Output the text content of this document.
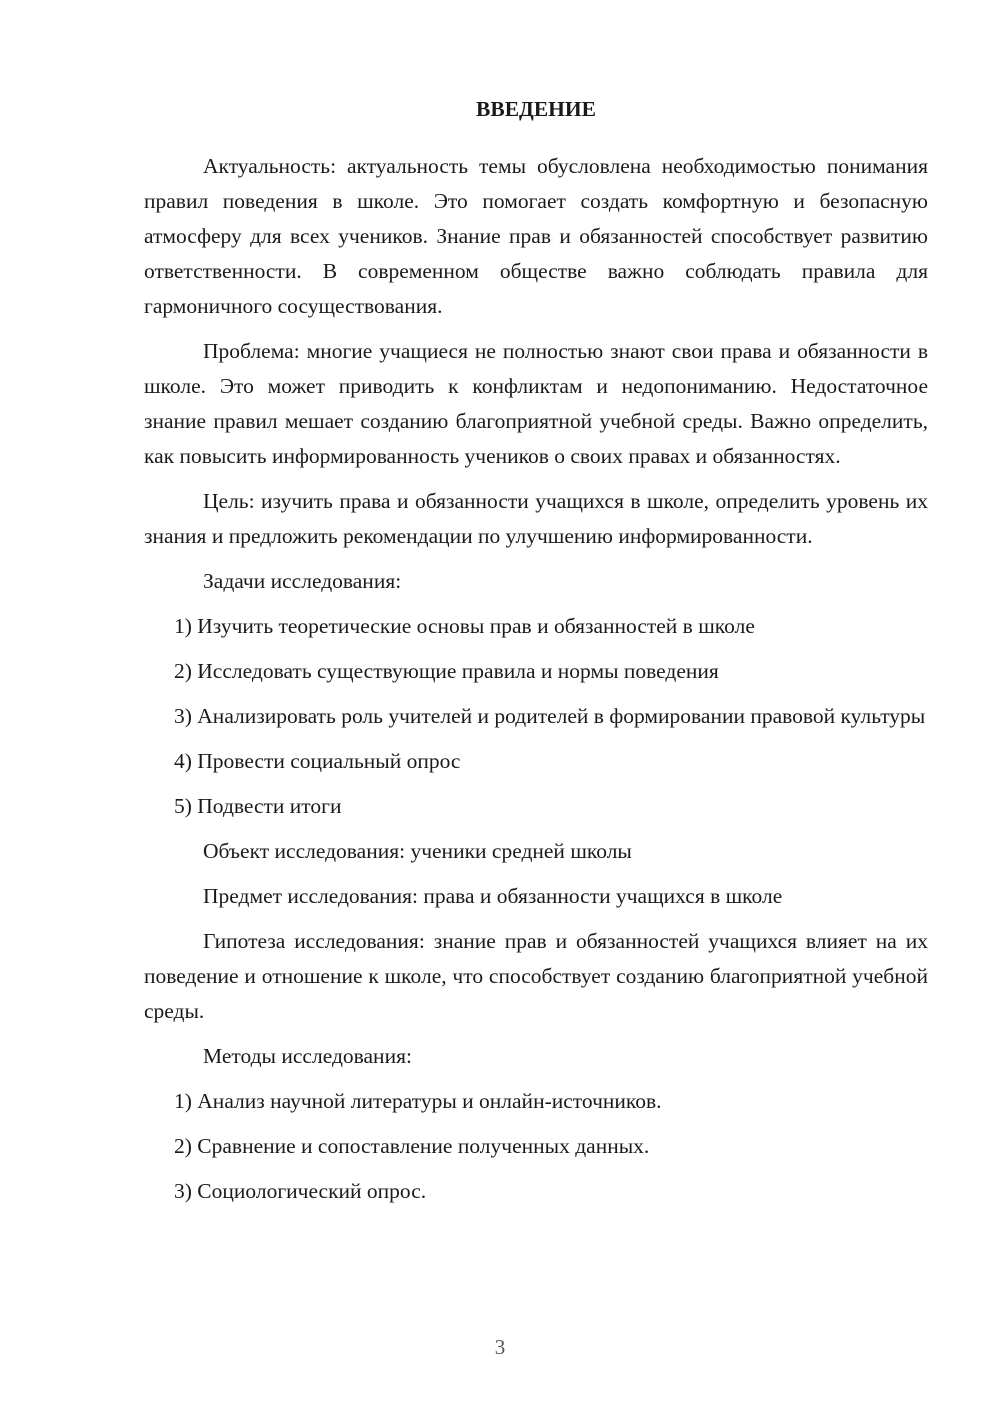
ВВЕДЕНИЕ

Актуальность: актуальность темы обусловлена необходимостью понимания правил поведения в школе. Это помогает создать комфортную и безопасную атмосферу для всех учеников. Знание прав и обязанностей способствует развитию ответственности. В современном обществе важно соблюдать правила для гармоничного сосуществования.

Проблема: многие учащиеся не полностью знают свои права и обязанности в школе. Это может приводить к конфликтам и недопониманию. Недостаточное знание правил мешает созданию благоприятной учебной среды. Важно определить, как повысить информированность учеников о своих правах и обязанностях.

Цель: изучить права и обязанности учащихся в школе, определить уровень их знания и предложить рекомендации по улучшению информированности.

Задачи исследования:

1) Изучить теоретические основы прав и обязанностей в школе

2) Исследовать существующие правила и нормы поведения

3) Анализировать роль учителей и родителей в формировании правовой культуры

4) Провести социальный опрос

5) Подвести итоги

Объект исследования: ученики средней школы

Предмет исследования: права и обязанности учащихся в школе

Гипотеза исследования: знание прав и обязанностей учащихся влияет на их поведение и отношение к школе, что способствует созданию благоприятной учебной среды.

Методы исследования:

1) Анализ научной литературы и онлайн-источников.

2) Сравнение и сопоставление полученных данных.

3) Социологический опрос.

3
